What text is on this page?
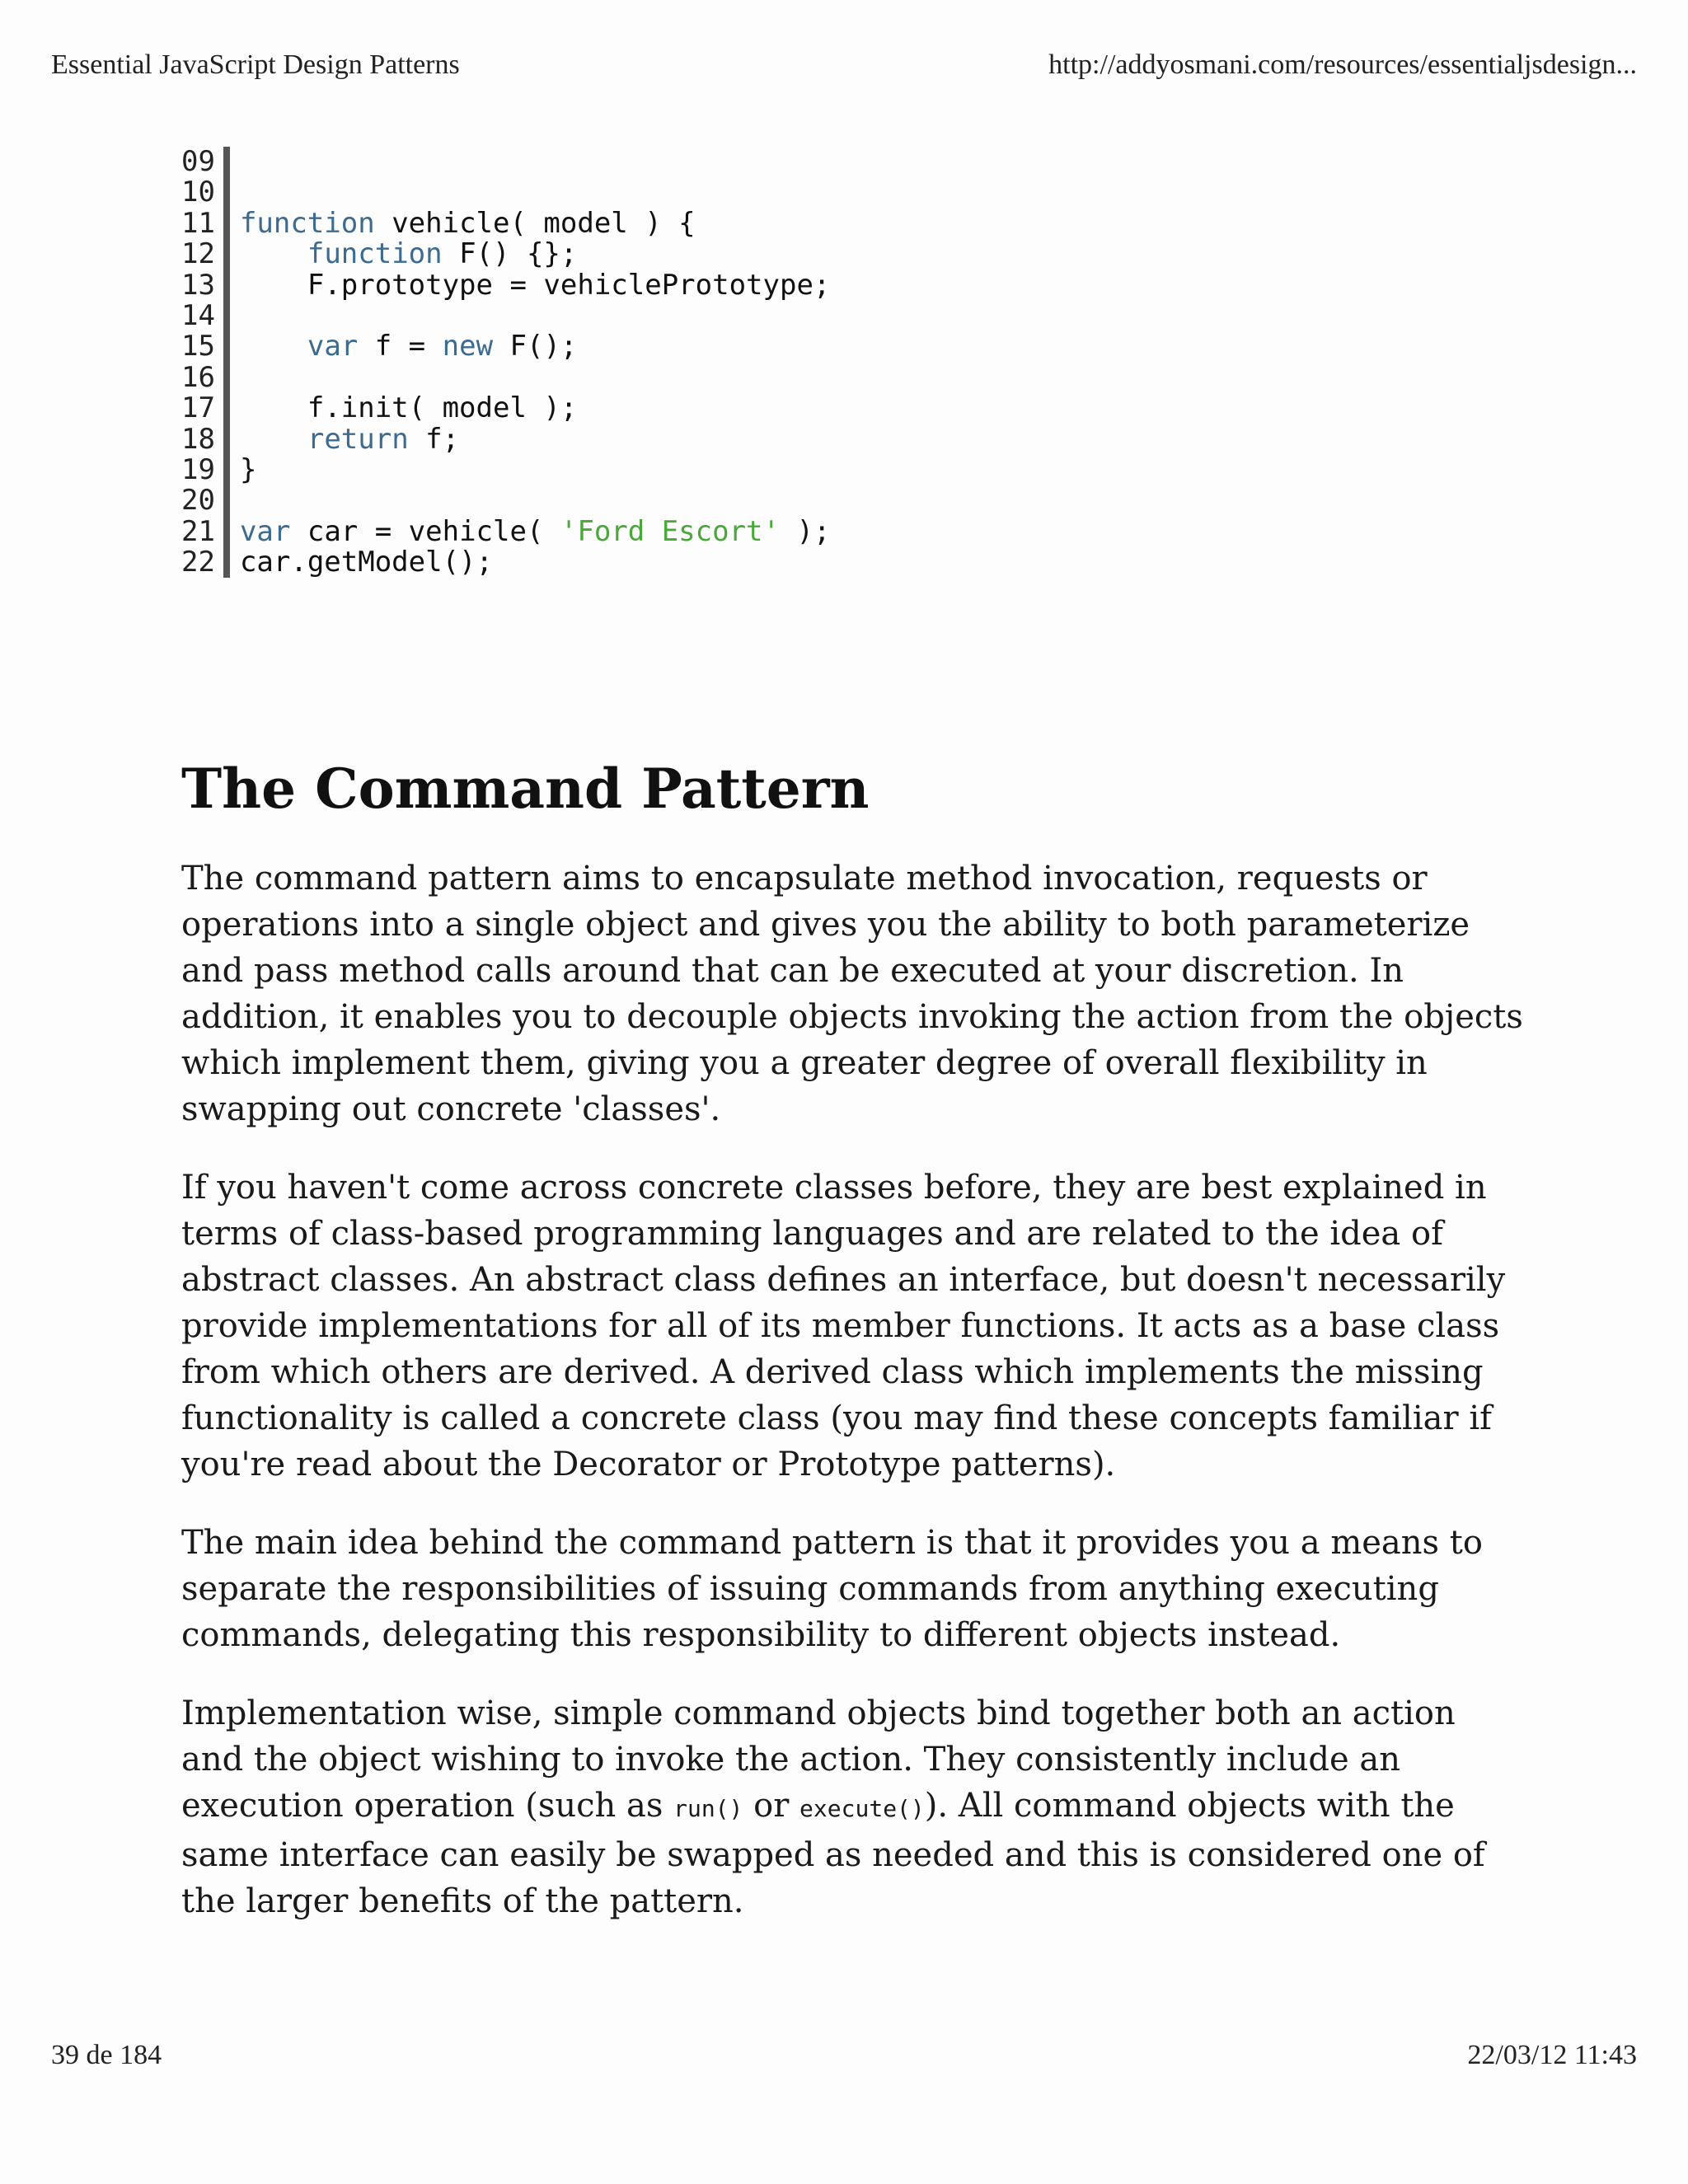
Essential JavaScript Design Patterns	http://addyosmani.com/resources/essentialjsdesign...
09
10
11
12
13
14
15
16
17
18
19
20
21
22
function vehicle( model ) {
function F() {};
F.prototype = vehiclePrototype;
var f = new F();
f.init( model );
return f;
}
var car = vehicle( 'Ford Escort' );
car.getModel();
The Command Pattern

The command pattern aims to encapsulate method invocation, requests or operations into a single object and gives you the ability to both parameterize and pass method calls around that can be executed at your discretion. In addition, it enables you to decouple objects invoking the action from the objects which implement them, giving you a greater degree of overall flexibility in swapping out concrete 'classes'.

If you haven't come across concrete classes before, they are best explained in terms of class-based programming languages and are related to the idea of abstract classes. An abstract class defines an interface, but doesn't necessarily provide implementations for all of its member functions. It acts as a base class from which others are derived. A derived class which implements the missing functionality is called a concrete class (you may find these concepts familiar if you're read about the Decorator or Prototype patterns).

The main idea behind the command pattern is that it provides you a means to separate the responsibilities of issuing commands from anything executing commands, delegating this responsibility to different objects instead.

Implementation wise, simple command objects bind together both an action and the object wishing to invoke the action. They consistently include an execution operation (such as run() or execute()). All command objects with the same interface can easily be swapped as needed and this is considered one of the larger benefits of the pattern.

39 de 184	22/03/12 11:43
